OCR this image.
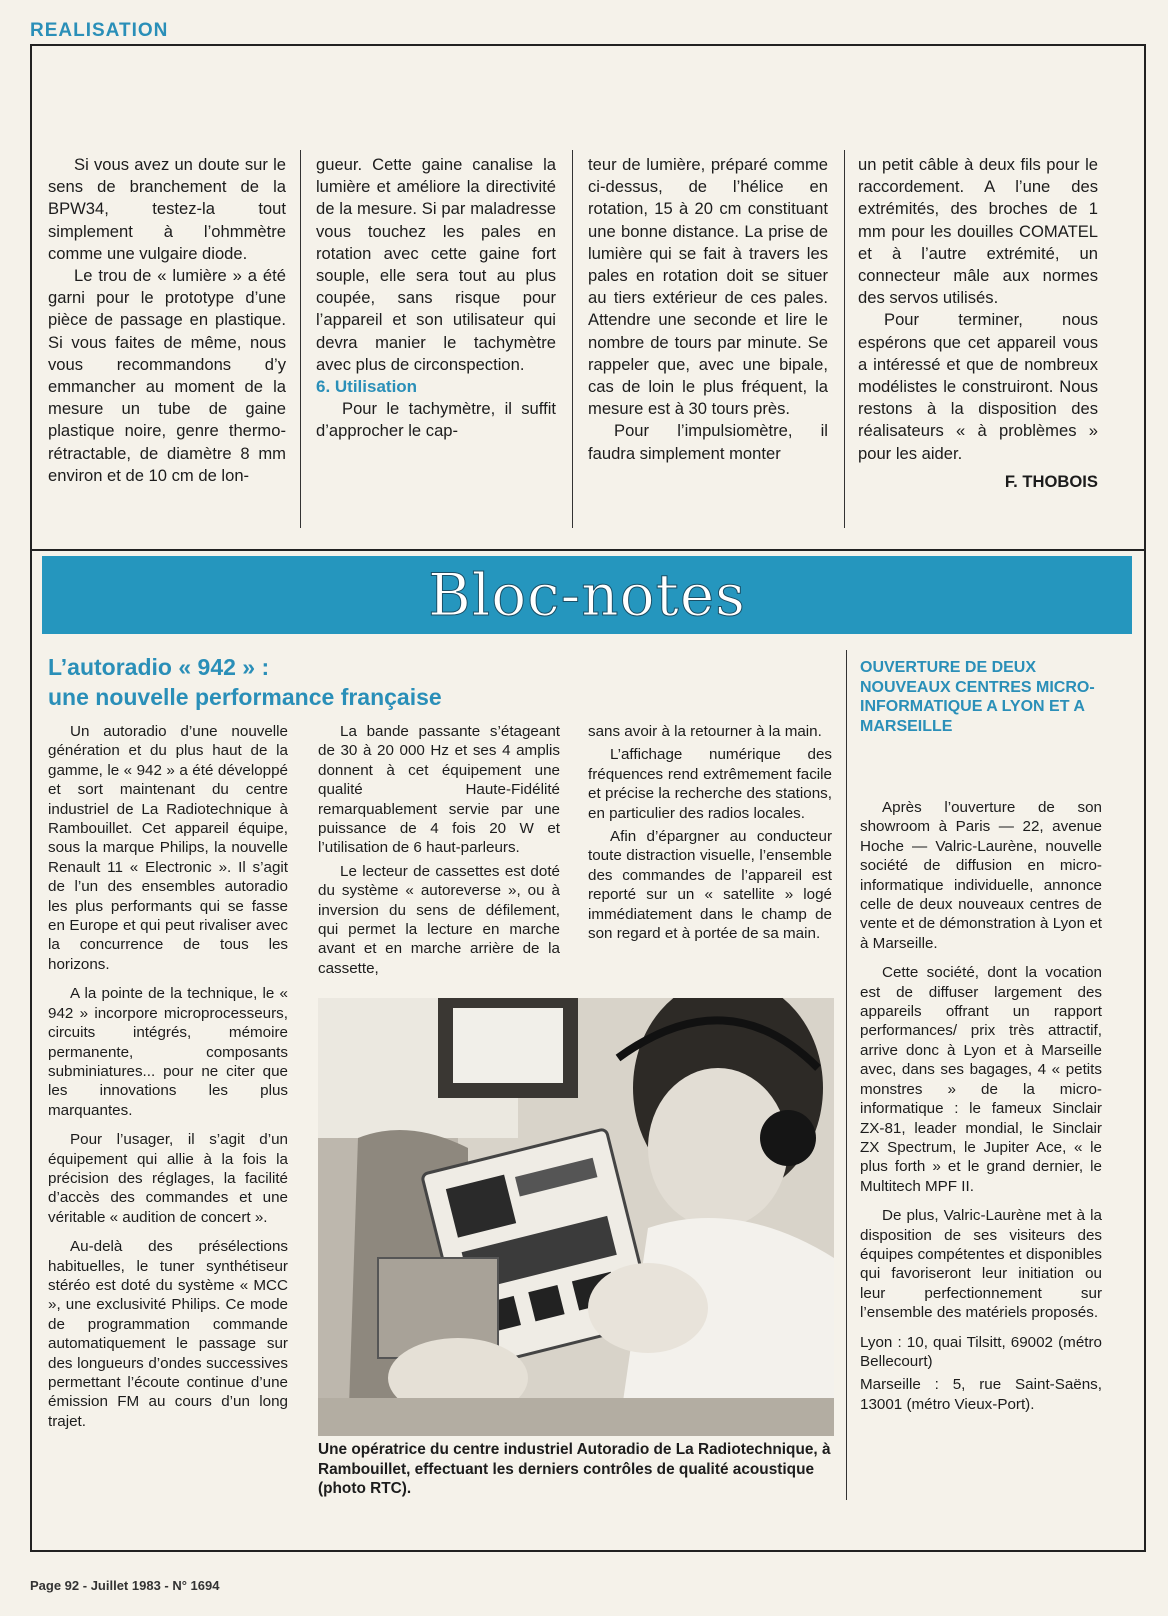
REALISATION

Si vous avez un doute sur le sens de branchement de la BPW34, testez-la tout simplement à l’ohmmètre comme une vulgaire diode.

Le trou de « lumière » a été garni pour le prototype d’une pièce de passage en plastique. Si vous faites de même, nous vous recommandons d’y emmancher au moment de la mesure un tube de gaine plastique noire, genre thermo-rétractable, de diamètre 8 mm environ et de 10 cm de lon-

gueur. Cette gaine canalise la lumière et améliore la directivité de la mesure. Si par maladresse vous touchez les pales en rotation avec cette gaine fort souple, elle sera tout au plus coupée, sans risque pour l’appareil et son utilisateur qui devra manier le tachymètre avec plus de circonspection.

6. Utilisation

Pour le tachymètre, il suffit d’approcher le cap-

teur de lumière, préparé comme ci-dessus, de l’hélice en rotation, 15 à 20 cm constituant une bonne distance. La prise de lumière qui se fait à travers les pales en rotation doit se situer au tiers extérieur de ces pales. Attendre une seconde et lire le nombre de tours par minute. Se rappeler que, avec une bipale, cas de loin le plus fréquent, la mesure est à 30 tours près.

Pour l’impulsiomètre, il faudra simplement monter

un petit câble à deux fils pour le raccordement. A l’une des extrémités, des broches de 1 mm pour les douilles COMATEL et à l’autre extrémité, un connecteur mâle aux normes des servos utilisés.

Pour terminer, nous espérons que cet appareil vous a intéressé et que de nombreux modélistes le construiront. Nous restons à la disposition des réalisateurs « à problèmes » pour les aider.

F. THOBOIS

Bloc-notes
L’autoradio « 942 » :
une nouvelle performance française

Un autoradio d’une nouvelle génération et du plus haut de la gamme, le « 942 » a été développé et sort maintenant du centre industriel de La Radiotechnique à Rambouillet. Cet appareil équipe, sous la marque Philips, la nouvelle Renault 11 « Electronic ». Il s’agit de l’un des ensembles autoradio les plus performants qui se fasse en Europe et qui peut rivaliser avec la concurrence de tous les horizons.

A la pointe de la technique, le « 942 » incorpore microprocesseurs, circuits intégrés, mémoire permanente, composants subminiatures... pour ne citer que les innovations les plus marquantes.

Pour l’usager, il s’agit d’un équipement qui allie à la fois la précision des réglages, la facilité d’accès des commandes et une véritable « audition de concert ».

Au-delà des présélections habituelles, le tuner synthétiseur stéréo est doté du système « MCC », une exclusivité Philips. Ce mode de programmation commande automatiquement le passage sur des longueurs d’ondes successives permettant l’écoute continue d’une émission FM au cours d’un long trajet.

La bande passante s’étageant de 30 à 20 000 Hz et ses 4 amplis donnent à cet équipement une qualité Haute-Fidélité remarquablement servie par une puissance de 4 fois 20 W et l’utilisation de 6 haut-parleurs.

Le lecteur de cassettes est doté du système « autoreverse », ou à inversion du sens de défilement, qui permet la lecture en marche avant et en marche arrière de la cassette,

sans avoir à la retourner à la main.

L’affichage numérique des fréquences rend extrêmement facile et précise la recherche des stations, en particulier des radios locales.

Afin d’épargner au conducteur toute distraction visuelle, l’ensemble des commandes de l’appareil est reporté sur un « satellite » logé immédiatement dans le champ de son regard et à portée de sa main.

Une opératrice du centre industriel Autoradio de La Radiotechnique, à Rambouillet, effectuant les derniers contrôles de qualité acoustique (photo RTC).
OUVERTURE DE DEUX NOUVEAUX CENTRES MICRO-INFORMATIQUE A LYON ET A MARSEILLE

Après l’ouverture de son showroom à Paris — 22, avenue Hoche — Valric-Laurène, nouvelle société de diffusion en micro-informatique individuelle, annonce celle de deux nouveaux centres de vente et de démonstration à Lyon et à Marseille.

Cette société, dont la vocation est de diffuser largement des appareils offrant un rapport performances/ prix très attractif, arrive donc à Lyon et à Marseille avec, dans ses bagages, 4 « petits monstres » de la micro-informatique : le fameux Sinclair ZX-81, leader mondial, le Sinclair ZX Spectrum, le Jupiter Ace, « le plus forth » et le grand dernier, le Multitech MPF II.

De plus, Valric-Laurène met à la disposition de ses visiteurs des équipes compétentes et disponibles qui favoriseront leur initiation ou leur perfectionnement sur l’ensemble des matériels proposés.

Lyon : 10, quai Tilsitt, 69002 (métro Bellecourt)

Marseille : 5, rue Saint-Saëns, 13001 (métro Vieux-Port).

Page 92 - Juillet 1983 - N° 1694
